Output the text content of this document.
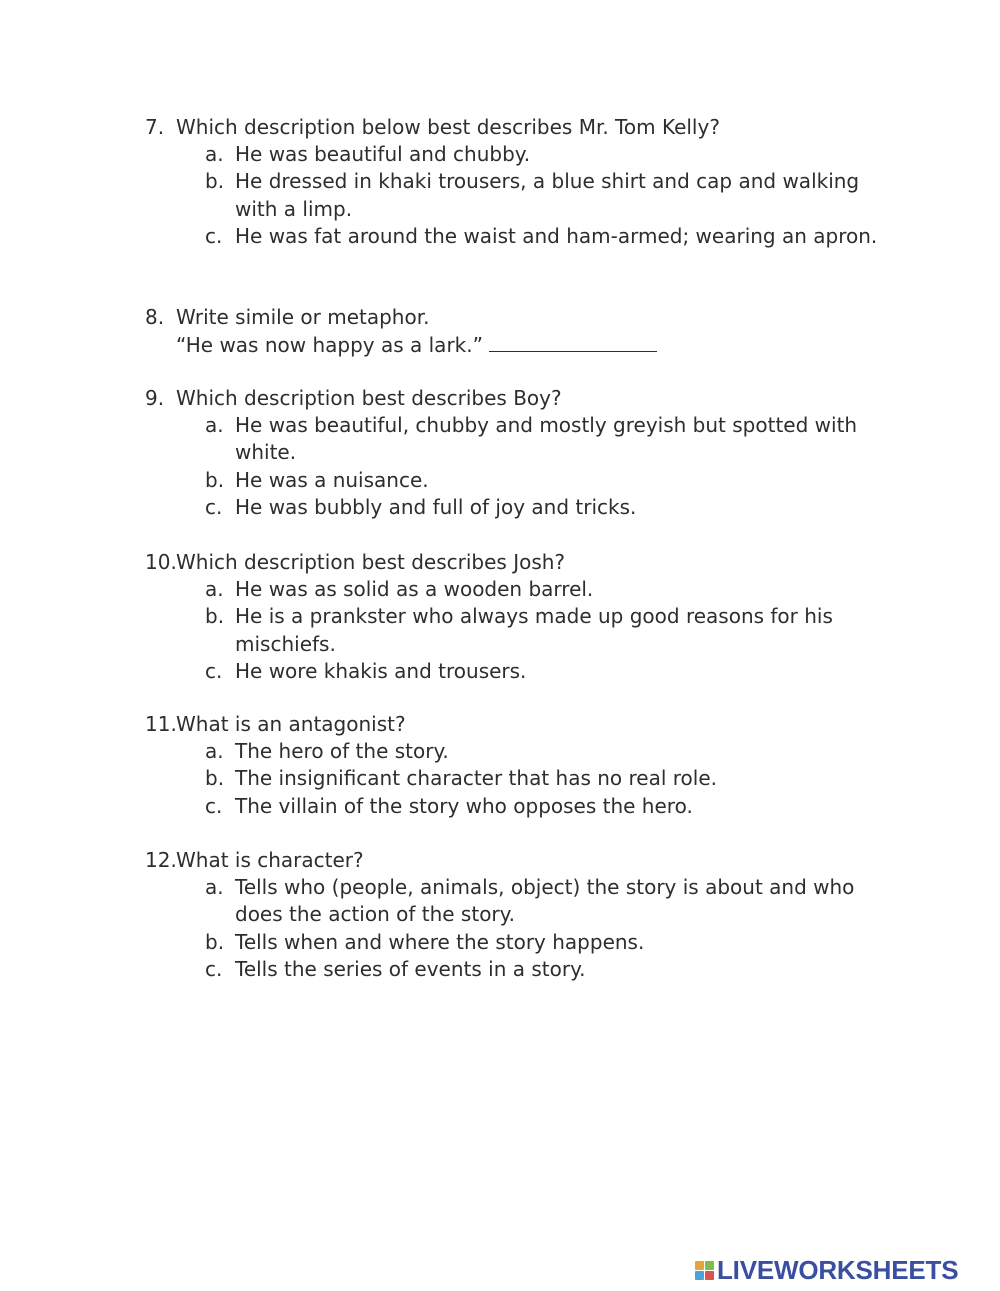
7. Which description below best describes Mr. Tom Kelly?
a. He was beautiful and chubby.
b. He dressed in khaki trousers, a blue shirt and cap and walking with a limp.
c. He was fat around the waist and ham-armed; wearing an apron.
8. Write simile or metaphor.
“He was now happy as a lark.”
9. Which description best describes Boy?
a. He was beautiful, chubby and mostly greyish but spotted with white.
b. He was a nuisance.
c. He was bubbly and full of joy and tricks.
10. Which description best describes Josh?
a. He was as solid as a wooden barrel.
b. He is a prankster who always made up good reasons for his mischiefs.
c. He wore khakis and trousers.
11. What is an antagonist?
a. The hero of the story.
b. The insignificant character that has no real role.
c. The villain of the story who opposes the hero.
12. What is character?
a. Tells who (people, animals, object) the story is about and who does the action of the story.
b. Tells when and where the story happens.
c. Tells the series of events in a story.
LIVEWORKSHEETS
